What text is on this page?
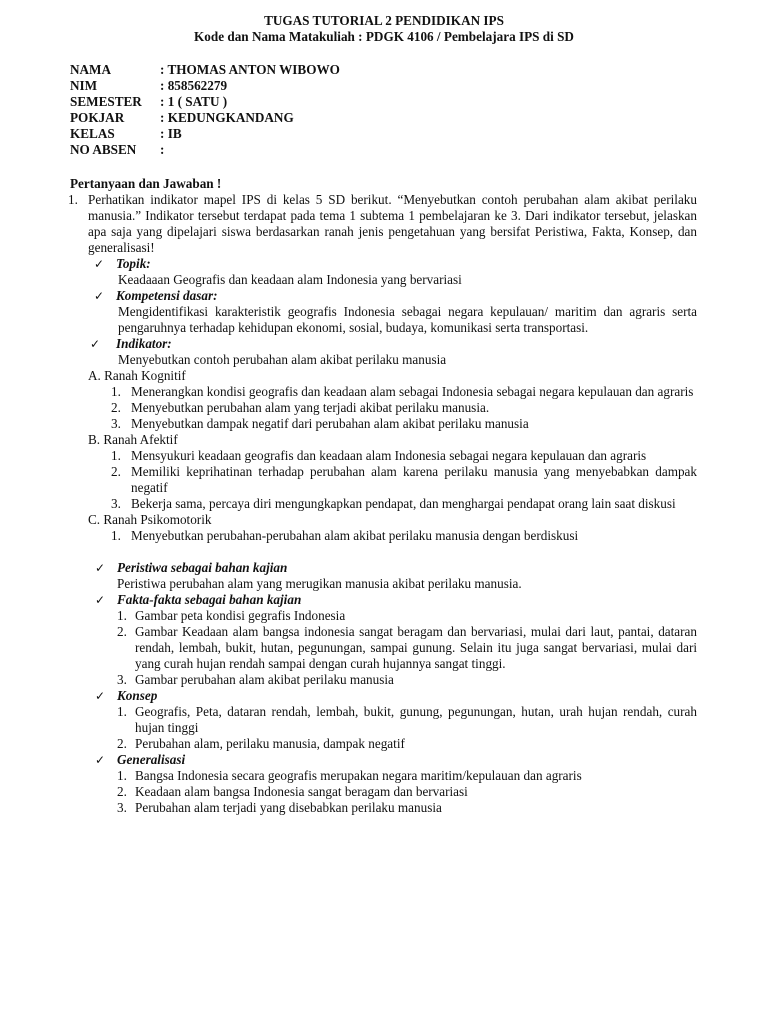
TUGAS TUTORIAL 2 PENDIDIKAN IPS
Kode dan Nama Matakuliah : PDGK 4106 / Pembelajara IPS di SD
NAMA	: THOMAS ANTON WIBOWO
NIM	: 858562279
SEMESTER : 1 ( SATU )
POKJAR	: KEDUNGKANDANG
KELAS	: IB
NO ABSEN :
Pertanyaan dan Jawaban !
1. Perhatikan indikator mapel IPS di kelas 5 SD berikut. “Menyebutkan contoh perubahan alam akibat perilaku manusia.” Indikator tersebut terdapat pada tema 1 subtema 1 pembelajaran ke 3. Dari indikator tersebut, jelaskan apa saja yang dipelajari siswa berdasarkan ranah jenis pengetahuan yang bersifat Peristiwa, Fakta, Konsep, dan generalisasi!
✓ Topik:
Keadaaan Geografis dan keadaan alam Indonesia yang bervariasi
✓ Kompetensi dasar:
Mengidentifikasi karakteristik geografis Indonesia sebagai negara kepulauan/ maritim dan agraris serta pengaruhnya terhadap kehidupan ekonomi, sosial, budaya, komunikasi serta transportasi.
✓ Indikator:
Menyebutkan contoh perubahan alam akibat perilaku manusia
A. Ranah Kognitif
1. Menerangkan kondisi geografis dan keadaan alam sebagai Indonesia sebagai negara kepulauan dan agraris
2. Menyebutkan perubahan alam yang terjadi akibat perilaku manusia.
3. Menyebutkan dampak negatif dari perubahan alam akibat perilaku manusia
B. Ranah Afektif
1. Mensyukuri keadaan geografis dan keadaan alam Indonesia sebagai negara kepulauan dan agraris
2. Memiliki keprihatinan terhadap perubahan alam karena perilaku manusia yang menyebabkan dampak negatif
3. Bekerja sama, percaya diri mengungkapkan pendapat, dan menghargai pendapat orang lain saat diskusi
C. Ranah Psikomotorik
1. Menyebutkan perubahan-perubahan alam akibat perilaku manusia dengan berdiskusi
✓ Peristiwa sebagai bahan kajian
Peristiwa perubahan alam yang merugikan manusia akibat perilaku manusia.
✓ Fakta-fakta sebagai bahan kajian
1. Gambar peta kondisi gegrafis Indonesia
2. Gambar Keadaan alam bangsa indonesia sangat beragam dan bervariasi, mulai dari laut, pantai, dataran rendah, lembah, bukit, hutan, pegunungan, sampai gunung. Selain itu juga sangat bervariasi, mulai dari yang curah hujan rendah sampai dengan curah hujannya sangat tinggi.
3. Gambar perubahan alam akibat perilaku manusia
✓ Konsep
1. Geografis, Peta, dataran rendah, lembah, bukit, gunung, pegunungan, hutan, urah hujan rendah, curah hujan tinggi
2. Perubahan alam, perilaku manusia, dampak negatif
✓ Generalisasi
1. Bangsa Indonesia secara geografis merupakan negara maritim/kepulauan dan agraris
2. Keadaan alam bangsa Indonesia sangat beragam dan bervariasi
3. Perubahan alam terjadi yang disebabkan perilaku manusia
